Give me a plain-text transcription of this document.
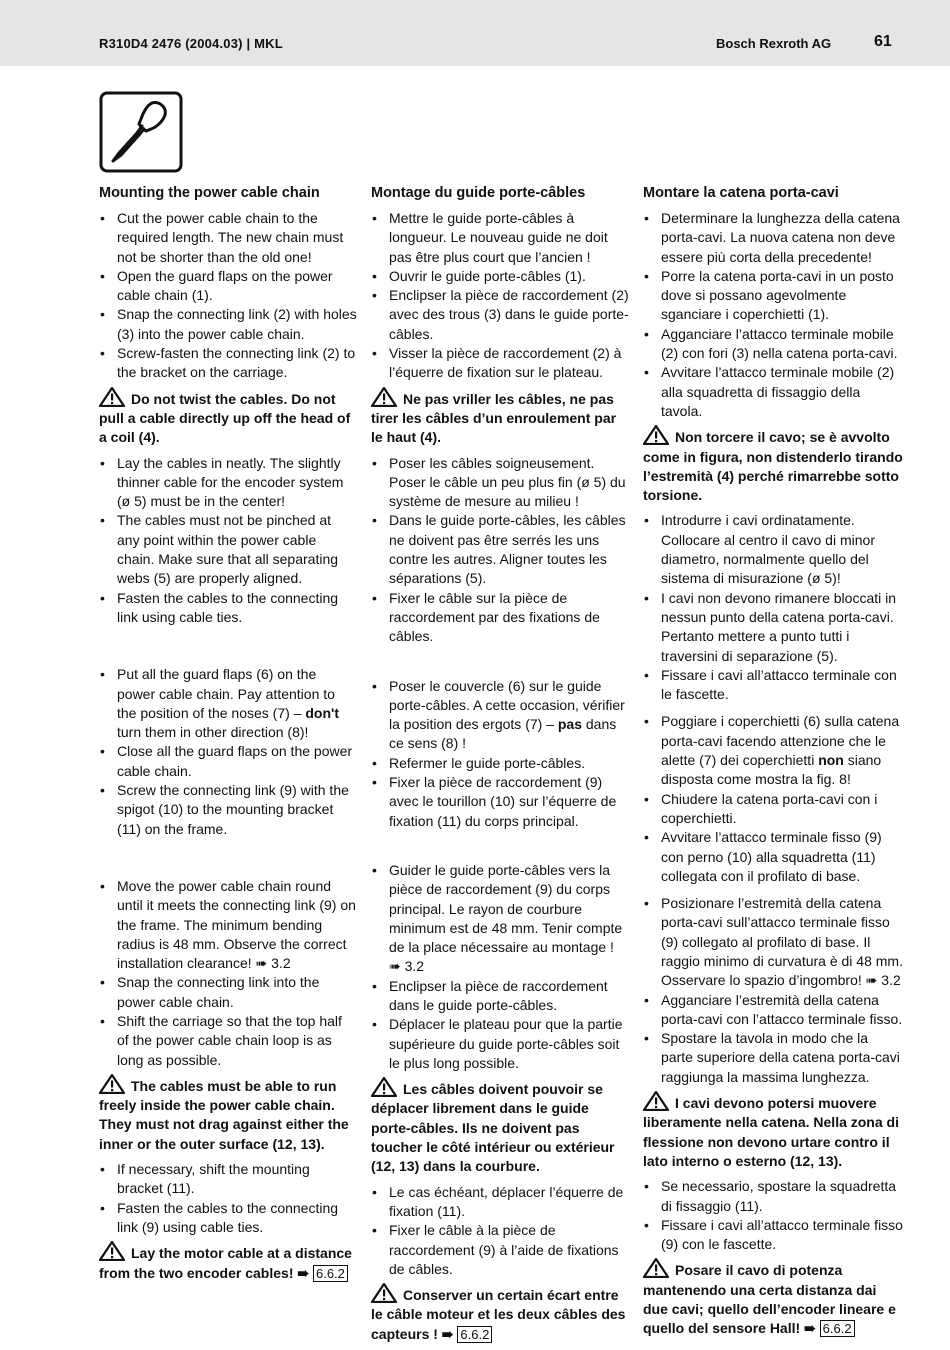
R310D4 2476 (2004.03) | MKL	Bosch Rexroth AG	61
Mounting the power cable chain
• Cut the power cable chain to the required length. The new chain must not be shorter than the old one!
• Open the guard flaps on the power cable chain (1).
• Snap the connecting link (2) with holes (3) into the power cable chain.
• Screw-fasten the connecting link (2) to the bracket on the carriage.
Do not twist the cables. Do not pull a cable directly up off the head of a coil (4).
• Lay the cables in neatly. The slightly thinner cable for the encoder system (ø 5) must be in the center!
• The cables must not be pinched at any point within the power cable chain. Make sure that all separating webs (5) are properly aligned.
• Fasten the cables to the connecting link using cable ties.
• Put all the guard flaps (6) on the power cable chain. Pay attention to the position of the noses (7) – don't turn them in other direction (8)!
• Close all the guard flaps on the power cable chain.
• Screw the connecting link (9) with the spigot (10) to the mounting bracket (11) on the frame.
• Move the power cable chain round until it meets the connecting link (9) on the frame. The minimum bending radius is 48 mm. Observe the correct installation clearance! ➠ 3.2
• Snap the connecting link into the power cable chain.
• Shift the carriage so that the top half of the power cable chain loop is as long as possible.
The cables must be able to run freely inside the power cable chain. They must not drag against either the inner or the outer surface (12, 13).
• If necessary, shift the mounting bracket (11).
• Fasten the cables to the connecting link (9) using cable ties.
Lay the motor cable at a distance from the two encoder cables! ➠ 6.6.2
Montage du guide porte-câbles
• Mettre le guide porte-câbles à longueur. Le nouveau guide ne doit pas être plus court que l’ancien !
• Ouvrir le guide porte-câbles (1).
• Enclipser la pièce de raccordement (2) avec des trous (3) dans le guide porte-câbles.
• Visser la pièce de raccordement (2) à l’équerre de fixation sur le plateau.
Ne pas vriller les câbles, ne pas tirer les câbles d’un enroulement par le haut (4).
• Poser les câbles soigneusement. Poser le câble un peu plus fin (ø 5) du système de mesure au milieu !
• Dans le guide porte-câbles, les câbles ne doivent pas être serrés les uns contre les autres. Aligner toutes les séparations (5).
• Fixer le câble sur la pièce de raccordement par des fixations de câbles.
• Poser le couvercle (6) sur le guide porte-câbles. A cette occasion, vérifier la position des ergots (7) – pas dans ce sens (8) !
• Refermer le guide porte-câbles.
• Fixer la pièce de raccordement (9) avec le tourillon (10) sur l’équerre de fixation (11) du corps principal.
• Guider le guide porte-câbles vers la pièce de raccordement (9) du corps principal. Le rayon de courbure minimum est de 48 mm. Tenir compte de la place nécessaire au montage ! ➠ 3.2
• Enclipser la pièce de raccordement dans le guide porte-câbles.
• Déplacer le plateau pour que la partie supérieure du guide porte-câbles soit le plus long possible.
Les câbles doivent pouvoir se déplacer librement dans le guide porte-câbles. Ils ne doivent pas toucher le côté intérieur ou extérieur (12, 13) dans la courbure.
• Le cas échéant, déplacer l’équerre de fixation (11).
• Fixer le câble à la pièce de raccordement (9) à l’aide de fixations de câbles.
Conserver un certain écart entre le câble moteur et les deux câbles des capteurs ! ➠ 6.6.2
Montare la catena porta-cavi
• Determinare la lunghezza della catena porta-cavi. La nuova catena non deve essere più corta della precedente!
• Porre la catena porta-cavi in un posto dove si possano agevolmente sganciare i coperchietti (1).
• Agganciare l’attacco terminale mobile (2) con fori (3) nella catena porta-cavi.
• Avvitare l’attacco terminale mobile (2) alla squadretta di fissaggio della tavola.
Non torcere il cavo; se è avvolto come in figura, non distenderlo tirando l’estremità (4) perché rimarrebbe sotto torsione.
• Introdurre i cavi ordinatamente. Collocare al centro il cavo di minor diametro, normalmente quello del sistema di misurazione (ø 5)!
• I cavi non devono rimanere bloccati in nessun punto della catena porta-cavi. Pertanto mettere a punto tutti i traversini di separazione (5).
• Fissare i cavi all’attacco terminale con le fascette.
• Poggiare i coperchietti (6) sulla catena porta-cavi facendo attenzione che le alette (7) dei coperchietti non siano disposta come mostra la fig. 8!
• Chiudere la catena porta-cavi con i coperchietti.
• Avvitare l’attacco terminale fisso (9) con perno (10) alla squadretta (11) collegata con il profilato di base.
• Posizionare l’estremità della catena porta-cavi sull’attacco terminale fisso (9) collegato al profilato di base. Il raggio minimo di curvatura è di 48 mm. Osservare lo spazio d’ingombro! ➠ 3.2
• Agganciare l’estremità della catena porta-cavi con l’attacco terminale fisso.
• Spostare la tavola in modo che la parte superiore della catena porta-cavi raggiunga la massima lunghezza.
I cavi devono potersi muovere liberamente nella catena. Nella zona di flessione non devono urtare contro il lato interno o esterno (12, 13).
• Se necessario, spostare la squadretta di fissaggio (11).
• Fissare i cavi all’attacco terminale fisso (9) con le fascette.
Posare il cavo di potenza mantenendo una certa distanza dai due cavi; quello dell’encoder lineare e quello del sensore Hall! ➠ 6.6.2
